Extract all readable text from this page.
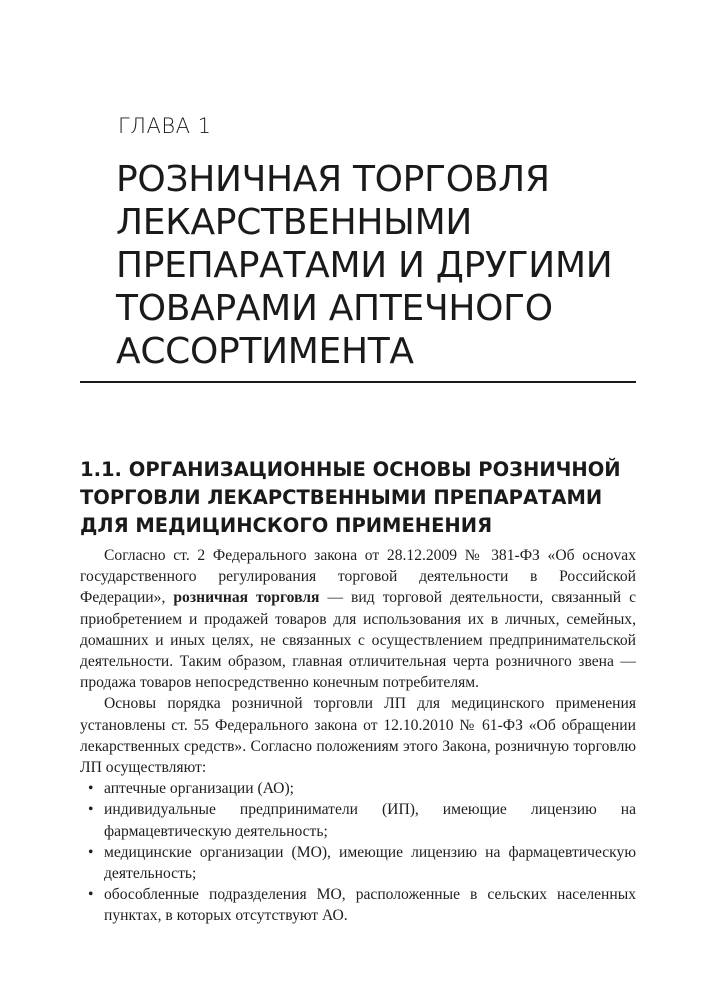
ГЛАВА 1
РОЗНИЧНАЯ ТОРГОВЛЯ
ЛЕКАРСТВЕННЫМИ
ПРЕПАРАТАМИ И ДРУГИМИ
ТОВАРАМИ АПТЕЧНОГО
АССОРТИМЕНТА
1.1. ОРГАНИЗАЦИОННЫЕ ОСНОВЫ РОЗНИЧНОЙ
ТОРГОВЛИ ЛЕКАРСТВЕННЫМИ ПРЕПАРАТАМИ
ДЛЯ МЕДИЦИНСКОГО ПРИМЕНЕНИЯ

Согласно ст. 2 Федерального закона от 28.12.2009 № 381-ФЗ «Об осноvах государственного регулирования торговой деятельности в Российской Федерации», розничная торговля — вид торговой деятельности, связанный с приобретением и продажей товаров для использования их в личных, семейных, домашних и иных целях, не связанных с осуществлением предпринимательской деятельности. Таким образом, главная отличительная черта розничного звена — продажа товаров непосредственно конечным потребителям.

Основы порядка розничной торговли ЛП для медицинского применения установлены ст. 55 Федерального закона от 12.10.2010 № 61-ФЗ «Об обращении лекарственных средств». Согласно положениям этого Закона, розничную торговлю ЛП осуществляют:

• аптечные организации (АО);
• индивидуальные предприниматели (ИП), имеющие лицензию на фармацевтическую деятельность;
• медицинские организации (МО), имеющие лицензию на фармацевтическую деятельность;
• обособленные подразделения МО, расположенные в сельских населенных пунктах, в которых отсутствуют АО.
